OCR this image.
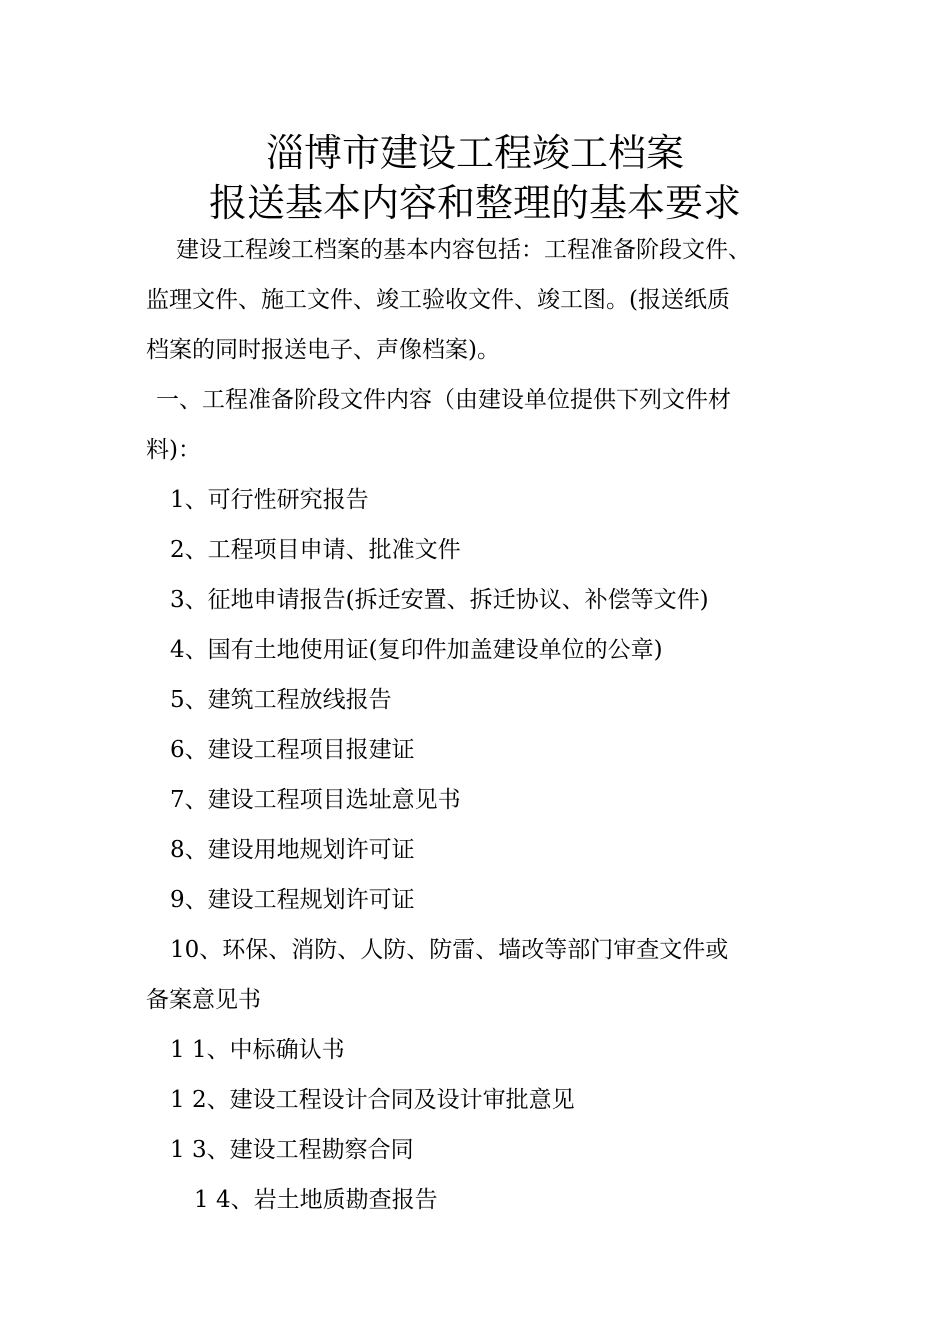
淄博市建设工程竣工档案
报送基本内容和整理的基本要求
建设工程竣工档案的基本内容包括：工程准备阶段文件、
监理文件、施工文件、竣工验收文件、竣工图。(报送纸质
档案的同时报送电子、声像档案)。
一、工程准备阶段文件内容（由建设单位提供下列文件材
料)：
1、可行性研究报告
2、工程项目申请、批准文件
3、征地申请报告(拆迁安置、拆迁协议、补偿等文件)
4、国有土地使用证(复印件加盖建设单位的公章)
5、建筑工程放线报告
6、建设工程项目报建证
7、建设工程项目选址意见书
8、建设用地规划许可证
9、建设工程规划许可证
10、环保、消防、人防、防雷、墙改等部门审查文件或
备案意见书
1 1、中标确认书
1 2、建设工程设计合同及设计审批意见
1 3、建设工程勘察合同
1 4、岩土地质勘查报告
